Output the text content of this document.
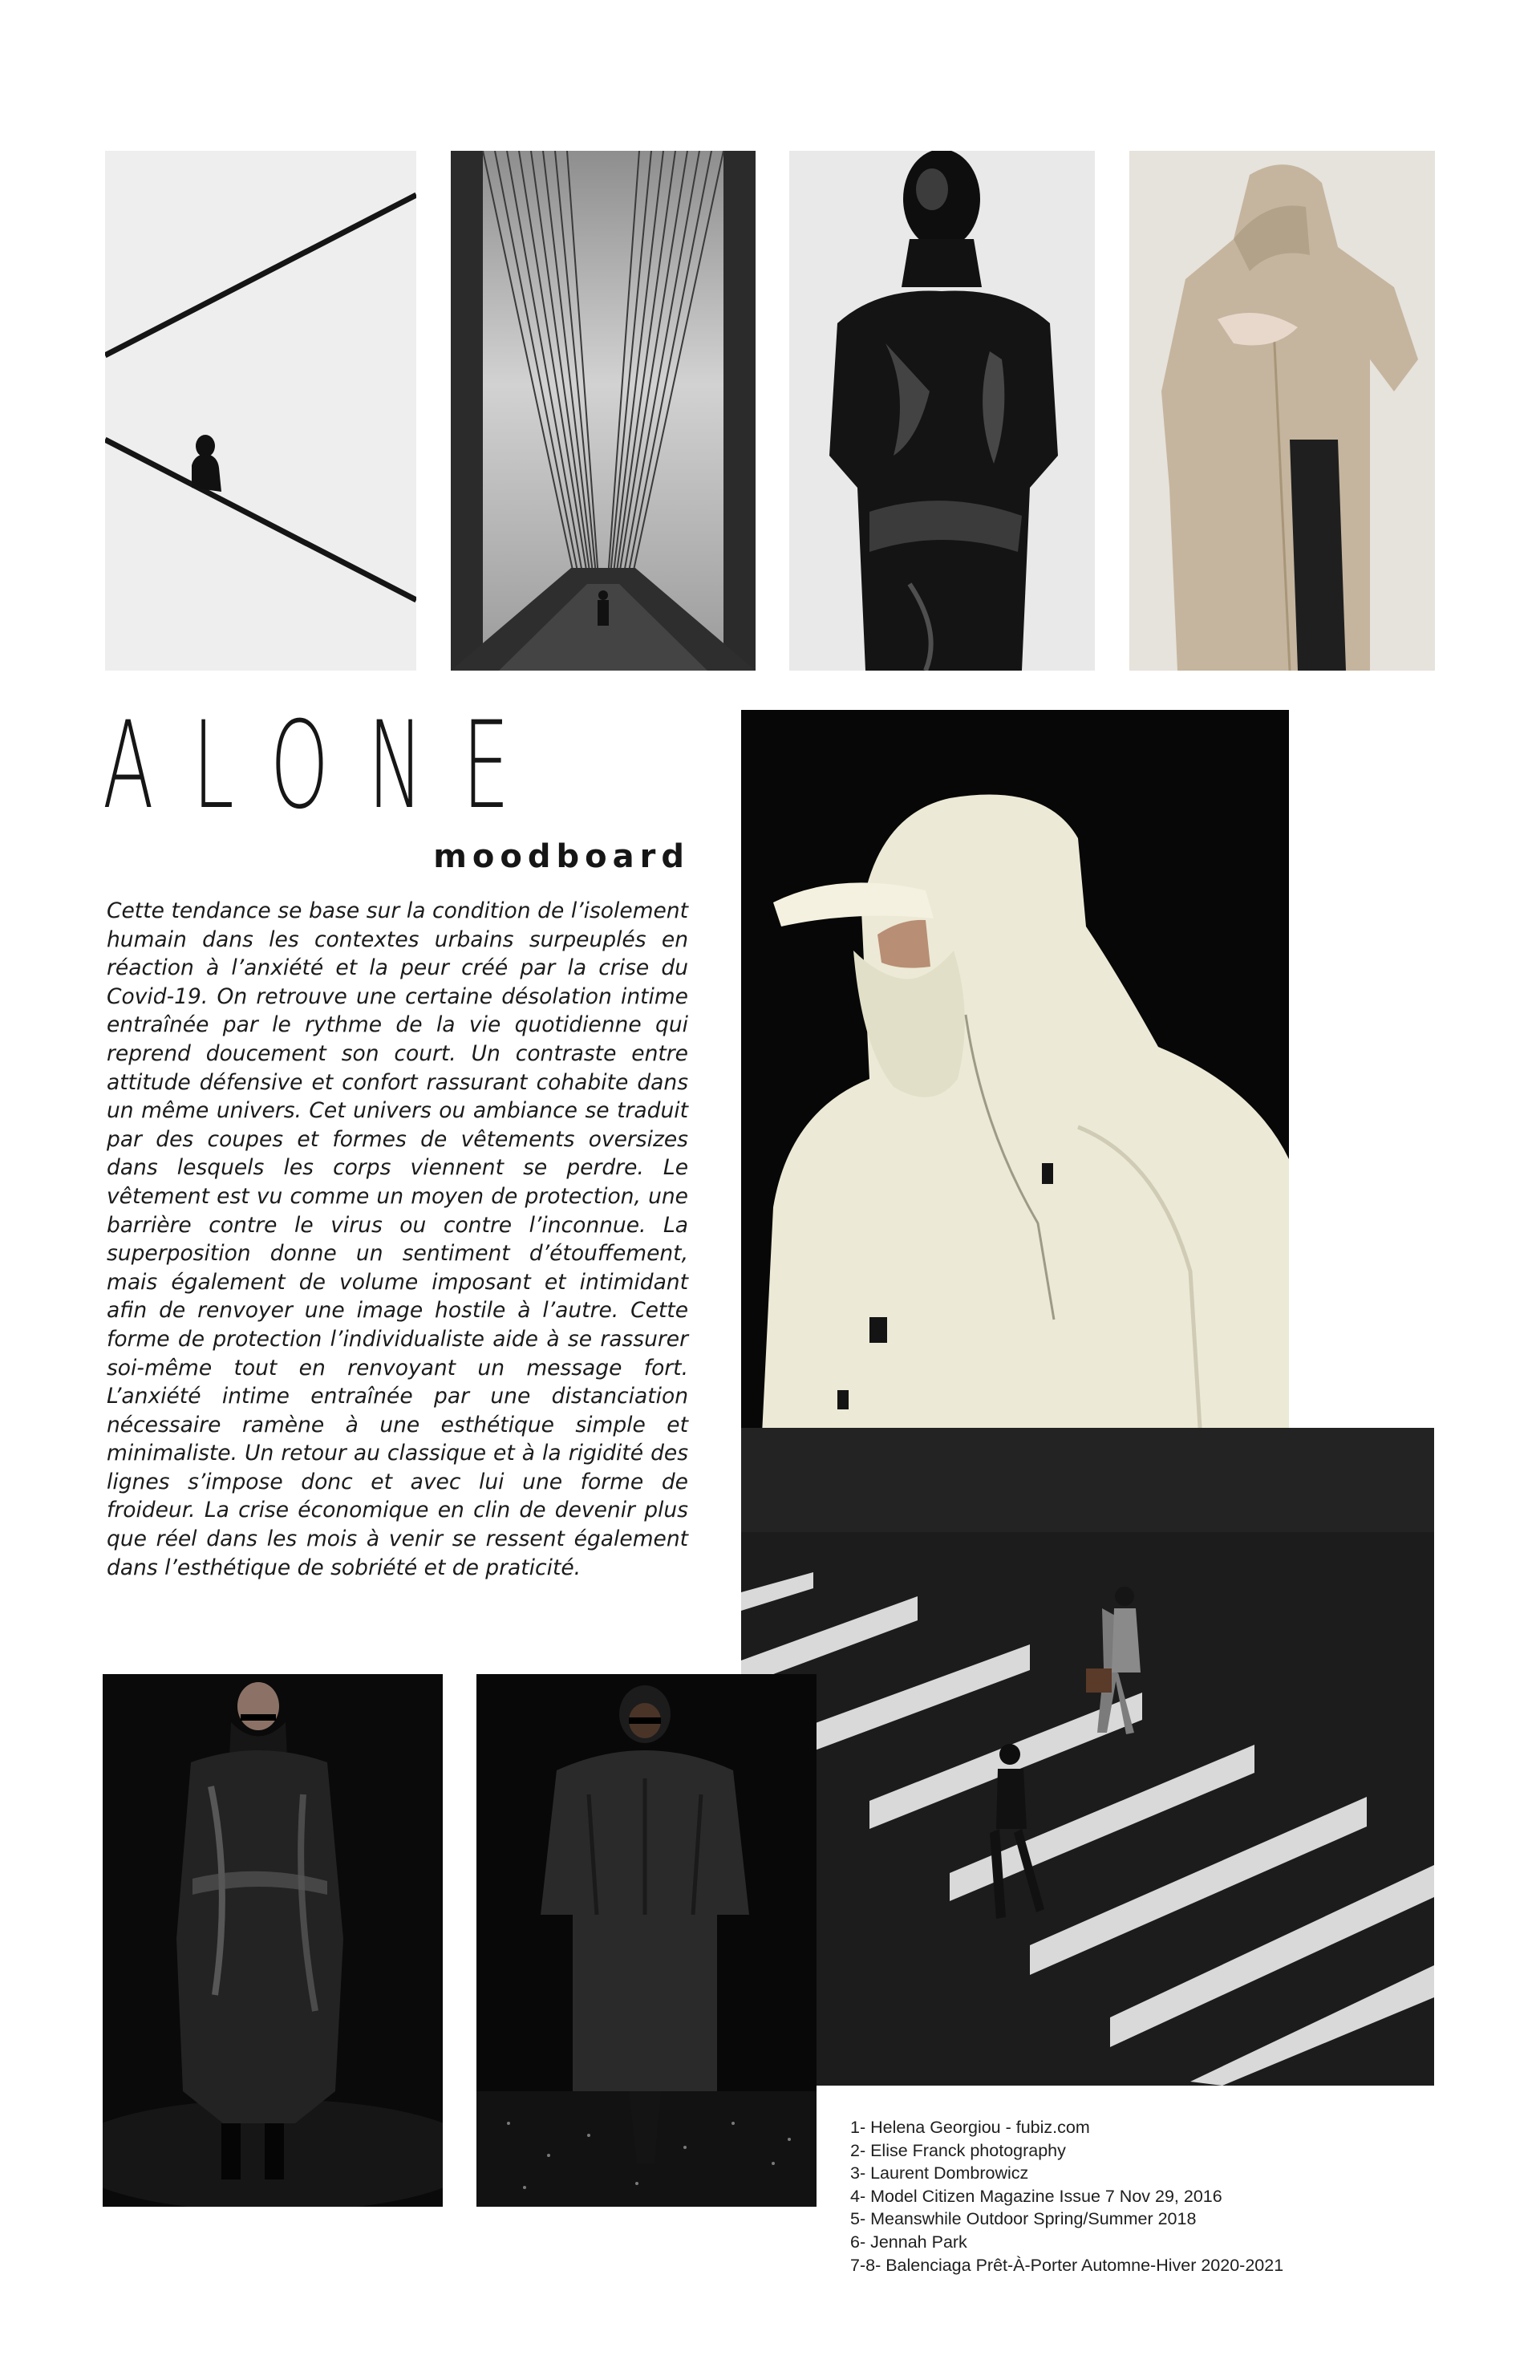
ALONE
moodboard

Cette tendance se base sur la condition de l’isolement humain dans les contextes urbains surpeuplés en réaction à l’anxiété et la peur créé par la crise du Covid-19. On retrouve une certaine désolation intime entraînée par le rythme de la vie quotidienne qui reprend doucement son court. Un contraste entre attitude défensive et confort rassurant cohabite dans un même univers. Cet univers ou ambiance se traduit par des coupes et formes de vêtements oversizes dans lesquels les corps viennent se perdre. Le vêtement est vu comme un moyen de protection, une barrière contre le virus ou contre l’inconnue. La superposition donne un sentiment d’étouffement, mais également de volume imposant et intimidant afin de renvoyer une image hostile à l’autre. Cette forme de protection l’individualiste aide à se rassurer soi-même tout en renvoyant un message fort. L’anxiété intime entraînée par une distanciation nécessaire ramène à une esthétique simple et minimaliste. Un retour au classique et à la rigidité des lignes s’impose donc et avec lui une forme de froideur. La crise économique en clin de devenir plus que réel dans les mois à venir se ressent également dans l’esthétique de sobriété et de praticité.

1- Helena Georgiou - fubiz.com
2- Elise Franck photography
3- Laurent Dombrowicz
4- Model Citizen Magazine Issue 7 Nov 29, 2016
5- Meanswhile Outdoor Spring/Summer 2018
6- Jennah Park
7-8- Balenciaga Prêt-À-Porter Automne-Hiver 2020-2021
